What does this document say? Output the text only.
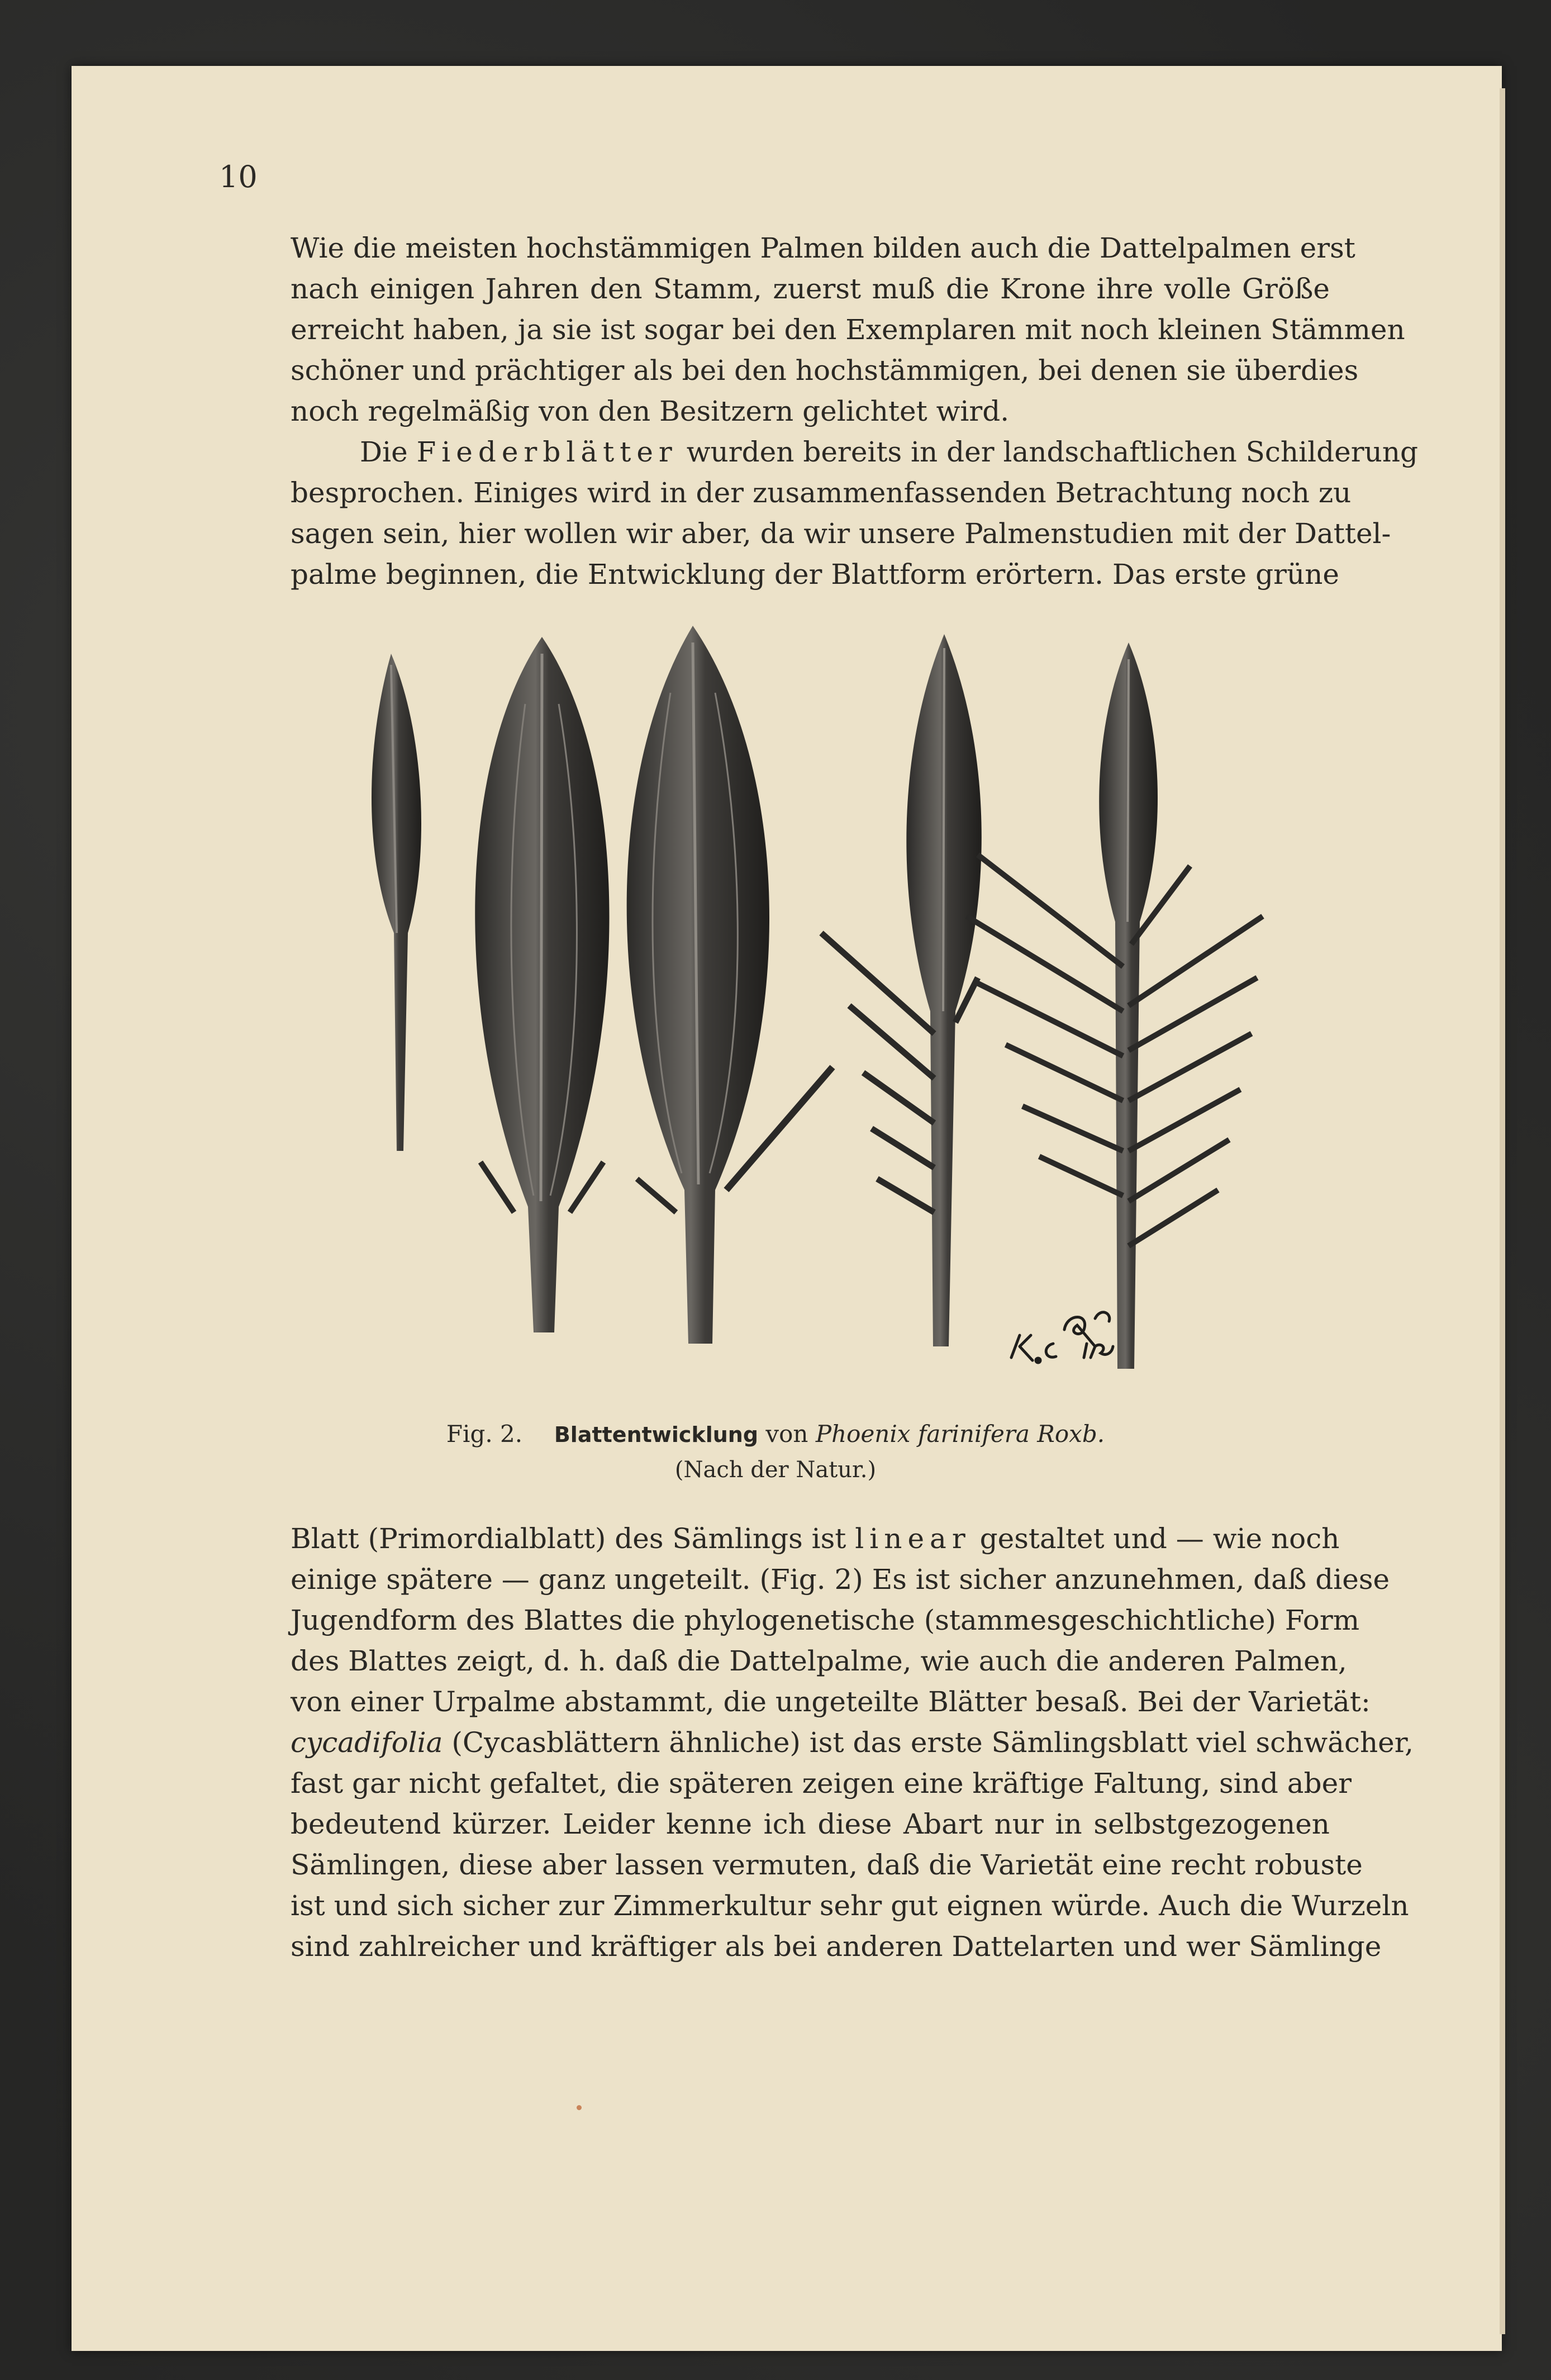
10
Wie die meisten hochstämmigen Palmen bilden auch die Dattelpalmen erst
nach einigen Jahren den Stamm, zuerst muß die Krone ihre volle Größe
erreicht haben, ja sie ist sogar bei den Exemplaren mit noch kleinen Stämmen
schöner und prächtiger als bei den hochstämmigen, bei denen sie überdies
noch regelmäßig von den Besitzern gelichtet wird.
Die Fiederblätter wurden bereits in der landschaftlichen Schilderung
besprochen. Einiges wird in der zusammenfassenden Betrachtung noch zu
sagen sein, hier wollen wir aber, da wir unsere Palmenstudien mit der Dattel-
palme beginnen, die Entwicklung der Blattform erörtern. Das erste grüne
Fig. 2. Blattentwicklung von Phoenix farinifera Roxb.
(Nach der Natur.)
Blatt (Primordialblatt) des Sämlings ist linear gestaltet und — wie noch
einige spätere — ganz ungeteilt. (Fig. 2) Es ist sicher anzunehmen, daß diese
Jugendform des Blattes die phylogenetische (stammesgeschichtliche) Form
des Blattes zeigt, d. h. daß die Dattelpalme, wie auch die anderen Palmen,
von einer Urpalme abstammt, die ungeteilte Blätter besaß. Bei der Varietät:
cycadifolia (Cycasblättern ähnliche) ist das erste Sämlingsblatt viel schwächer,
fast gar nicht gefaltet, die späteren zeigen eine kräftige Faltung, sind aber
bedeutend kürzer. Leider kenne ich diese Abart nur in selbstgezogenen
Sämlingen, diese aber lassen vermuten, daß die Varietät eine recht robuste
ist und sich sicher zur Zimmerkultur sehr gut eignen würde. Auch die Wurzeln
sind zahlreicher und kräftiger als bei anderen Dattelarten und wer Sämlinge
